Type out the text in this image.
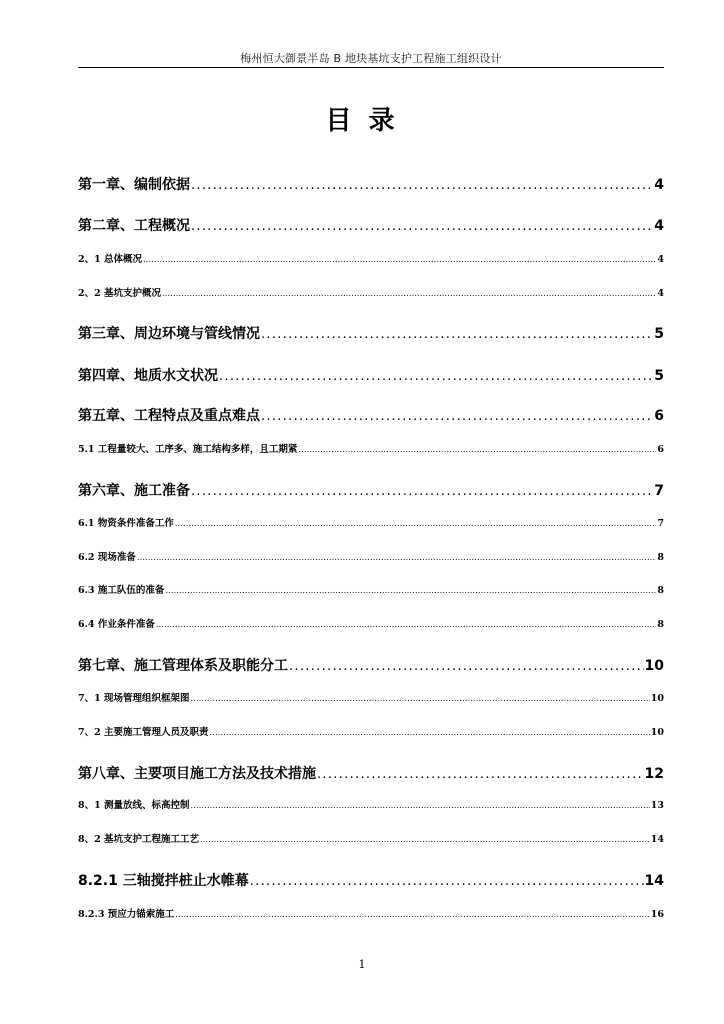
梅州恒大御景半岛 B 地块基坑支护工程施工组织设计
目 录
第一章、编制依据 .....	4
第二章、工程概况 .....	4
2、1 总体概况 .....	4
2、2 基坑支护概况 .....	4
第三章、周边环境与管线情况 .....	5
第四章、地质水文状况 .....	5
第五章、工程特点及重点难点 .....	6
5.1 工程量较大、工序多、施工结构多样，且工期紧 .....	6
第六章、施工准备 .....	7
6.1 物资条件准备工作 .....	7
6.2 现场准备 .....	8
6.3 施工队伍的准备 .....	8
6.4 作业条件准备 .....	8
第七章、施工管理体系及职能分工 .....	10
7、1 现场管理组织框架图 .....	10
7、2 主要施工管理人员及职责 .....	10
第八章、主要项目施工方法及技术措施 .....	12
8、1 测量放线、标高控制 .....	13
8、2 基坑支护工程施工工艺 .....	14
8.2.1 三轴搅拌桩止水帷幕 .....	14
8.2.3 预应力锚索施工 .....	16
1
